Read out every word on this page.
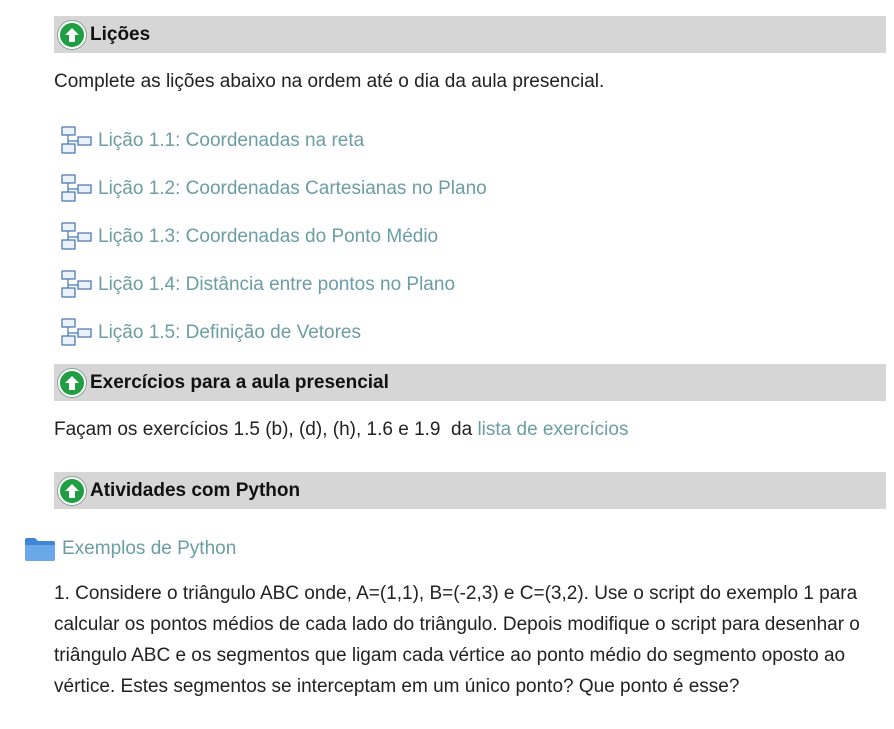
Lições
Complete as lições abaixo na ordem até o dia da aula presencial.
Lição 1.1: Coordenadas na reta
Lição 1.2: Coordenadas Cartesianas no Plano
Lição 1.3: Coordenadas do Ponto Médio
Lição 1.4: Distância entre pontos no Plano
Lição 1.5: Definição de Vetores
Exercícios para a aula presencial
Façam os exercícios 1.5 (b), (d), (h), 1.6 e 1.9  da lista de exercícios
Atividades com Python
Exemplos de Python
1. Considere o triângulo ABC onde, A=(1,1), B=(-2,3) e C=(3,2). Use o script do exemplo 1 para calcular os pontos médios de cada lado do triângulo. Depois modifique o script para desenhar o triângulo ABC e os segmentos que ligam cada vértice ao ponto médio do segmento oposto ao vértice. Estes segmentos se interceptam em um único ponto? Que ponto é esse?
